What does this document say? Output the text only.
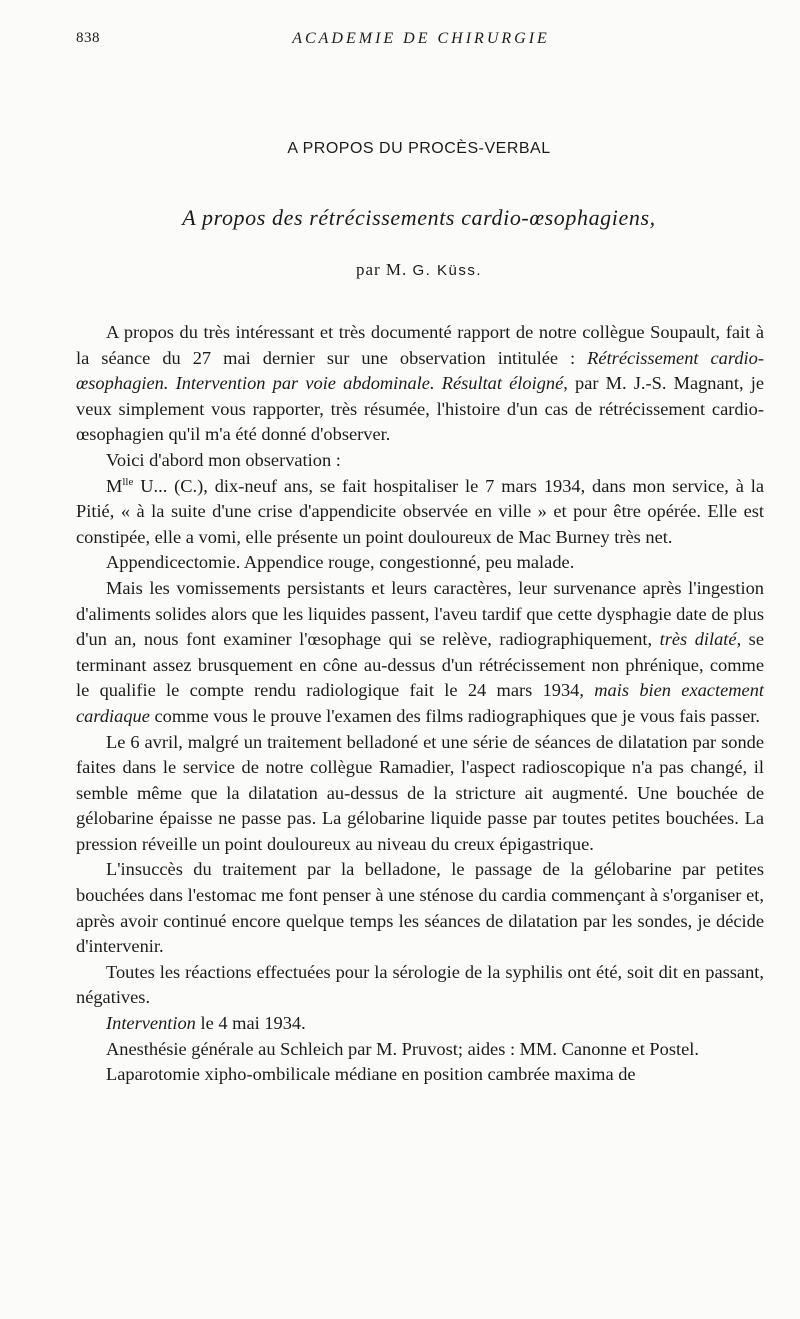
838	ACADEMIE DE CHIRURGIE
A PROPOS DU PROCÈS-VERBAL
A propos des rétrécissements cardio-œsophagiens,
par M. G. Küss.

A propos du très intéressant et très documenté rapport de notre collègue Soupault, fait à la séance du 27 mai dernier sur une observation intitulée : Rétrécissement cardio-œsophagien. Intervention par voie abdominale. Résultat éloigné, par M. J.-S. Magnant, je veux simplement vous rapporter, très résumée, l'histoire d'un cas de rétrécissement cardio-œsophagien qu'il m'a été donné d'observer.

Voici d'abord mon observation :

$M^{lle}$ U... (C.), dix-neuf ans, se fait hospitaliser le 7 mars 1934, dans mon service, à la Pitié, « à la suite d'une crise d'appendicite observée en ville » et pour être opérée. Elle est constipée, elle a vomi, elle présente un point douloureux de Mac Burney très net.

Appendicectomie. Appendice rouge, congestionné, peu malade.

Mais les vomissements persistants et leurs caractères, leur survenance après l'ingestion d'aliments solides alors que les liquides passent, l'aveu tardif que cette dysphagie date de plus d'un an, nous font examiner l'œsophage qui se relève, radiographiquement, très dilaté, se terminant assez brusquement en cône au-dessus d'un rétrécissement non phrénique, comme le qualifie le compte rendu radiologique fait le 24 mars 1934, mais bien exactement cardiaque comme vous le prouve l'examen des films radiographiques que je vous fais passer.

Le 6 avril, malgré un traitement belladoné et une série de séances de dilatation par sonde faites dans le service de notre collègue Ramadier, l'aspect radioscopique n'a pas changé, il semble même que la dilatation au-dessus de la stricture ait augmenté. Une bouchée de gélobarine épaisse ne passe pas. La gélobarine liquide passe par toutes petites bouchées. La pression réveille un point douloureux au niveau du creux épigastrique.

L'insuccès du traitement par la belladone, le passage de la gélobarine par petites bouchées dans l'estomac me font penser à une sténose du cardia commençant à s'organiser et, après avoir continué encore quelque temps les séances de dilatation par les sondes, je décide d'intervenir.

Toutes les réactions effectuées pour la sérologie de la syphilis ont été, soit dit en passant, négatives.

Intervention le 4 mai 1934.

Anesthésie générale au Schleich par M. Pruvost; aides : MM. Canonne et Postel.

Laparotomie xipho-ombilicale médiane en position cambrée maxima de
